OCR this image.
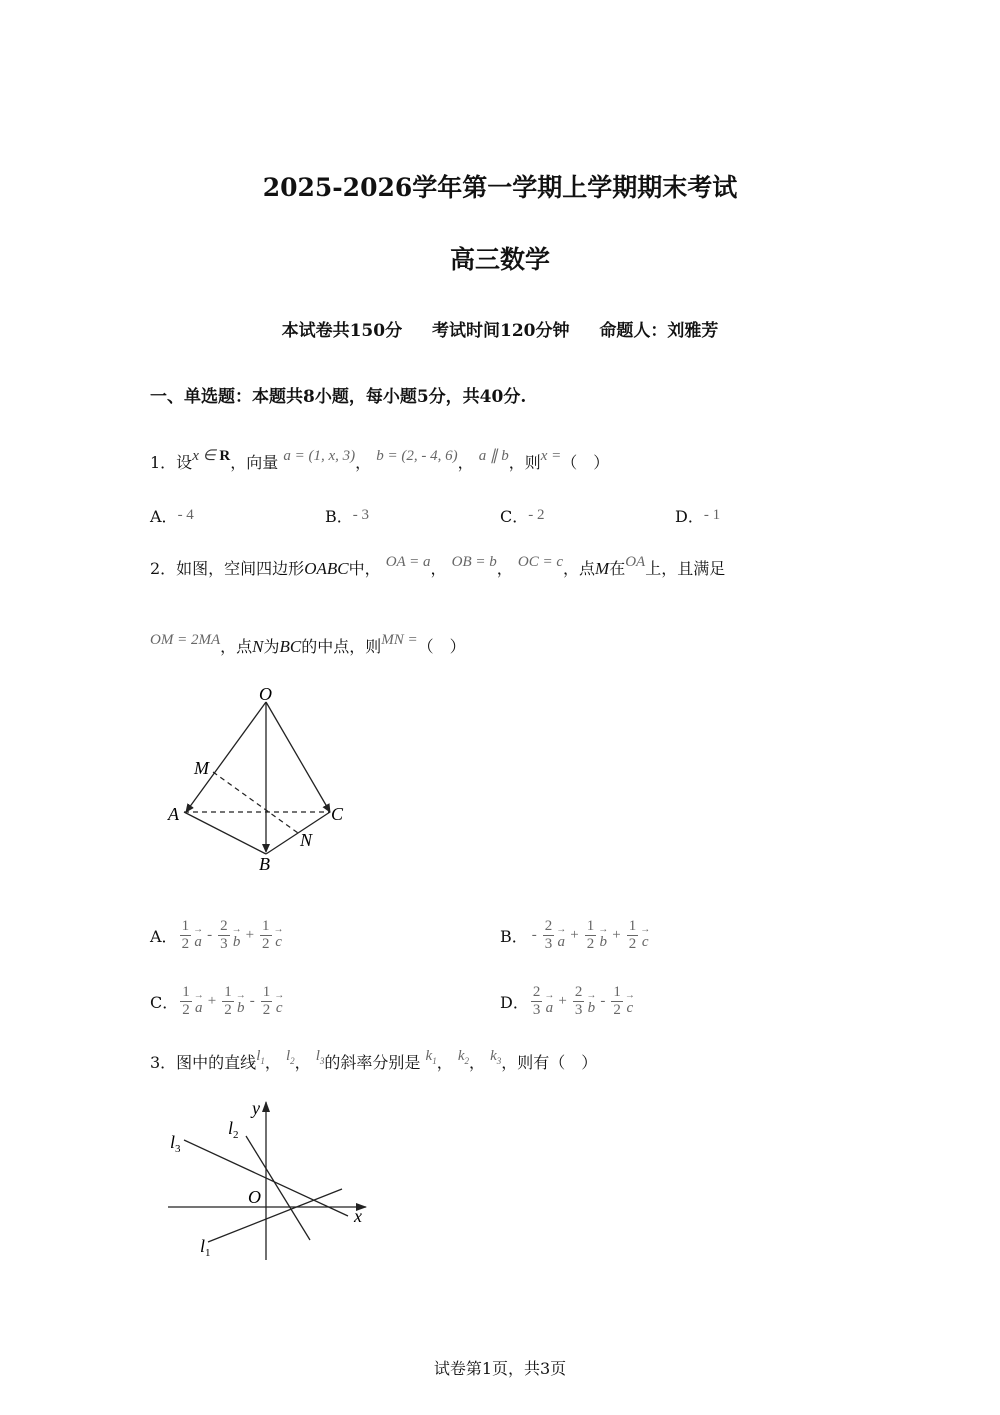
2025-2026学年第一学期上学期期末考试
高三数学
本试卷共150分 考试时间120分钟 命题人：刘雅芳
一、单选题：本题共8小题，每小题5分，共40分.
1．设x ∈ R，向量 a = (1, x, 3)， b = (2, - 4, 6)， a ∥ b，则x =（　）
A．- 4	B．- 3	C．- 2	D．- 1
2．如图，空间四边形OABC中， OA = a， OB = b， OC = c，点M在OA上，且满足
OM = 2MA，点N为BC的中点，则MN =（　）
O
M
A	C
N
B
A． $\frac{1}{2}$ →
a - $\frac{2}{3}$ →
$b + \frac{1}{2}$ →
c	B． - $\frac{2}{3}$ →
$a + \frac{1}{2}$ →
$b + \frac{1}{2}$ →
c
C． $\frac{1}{2}$ →
$a + \frac{1}{2}$ →
b - $\frac{1}{2}$ →
c	D． $\frac{2}{3}$ →
$a + \frac{2}{3}$ →
b - $\frac{1}{2}$ →
c
3．图中的直线$l_1$， $l_2$， $l_3$的斜率分别是 $k_1$， $k_2$， $k_3$，则有（　）
y
x
O
$l_2$
$l_3$
$l_1$
试卷第1页，共3页
